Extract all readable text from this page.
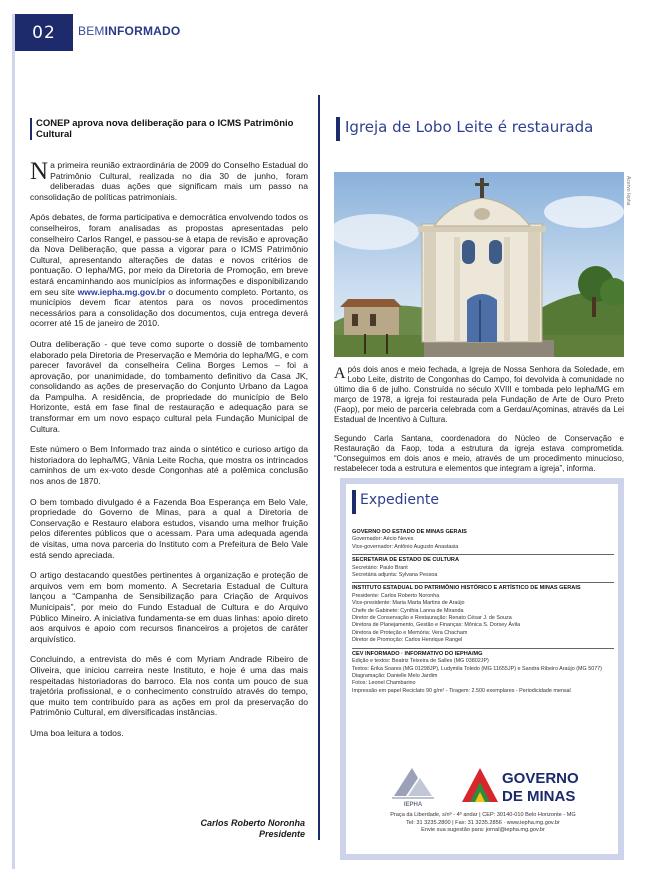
02	BEMINFORMADO
CONEP aprova nova deliberação para o ICMS Patrimônio Cultural

Na primeira reunião extraordinária de 2009 do Conselho Estadual do Patrimônio Cultural, realizada no dia 30 de junho, foram deliberadas duas ações que significam mais um passo na consolidação de políticas patrimoniais.

Após debates, de forma participativa e democrática envolvendo todos os conselheiros, foram analisadas as propostas apresentadas pelo conselheiro Carlos Rangel, e passou-se à etapa de revisão e aprovação da Nova Deliberação, que passa a vigorar para o ICMS Patrimônio Cultural, apresentando alterações de datas e novos critérios de pontuação. O Iepha/MG, por meio da Diretoria de Promoção, em breve estará encaminhando aos municípios as informações e disponibilizando em seu site www.iepha.mg.gov.br o documento completo. Portanto, os municípios devem ficar atentos para os novos procedimentos necessários para a consolidação dos documentos, cuja entrega deverá ocorrer até 15 de janeiro de 2010.

Outra deliberação - que teve como suporte o dossiê de tombamento elaborado pela Diretoria de Preservação e Memória do Iepha/MG, e com parecer favorável da conselheira Celina Borges Lemos – foi a aprovação, por unanimidade, do tombamento definitivo da Casa JK, consolidando as ações de preservação do Conjunto Urbano da Lagoa da Pampulha. A residência, de propriedade do município de Belo Horizonte, está em fase final de restauração e adequação para se transformar em um novo espaço cultural pela Fundação Municipal de Cultura.

Este número o Bem Informado traz ainda o sintético e curioso artigo da historiadora do Iepha/MG, Vânia Leite Rocha, que mostra os intrincados caminhos de um ex-voto desde Congonhas até a polêmica conclusão nos anos de 1870.

O bem tombado divulgado é a Fazenda Boa Esperança em Belo Vale, propriedade do Governo de Minas, para a qual a Diretoria de Conservação e Restauro elabora estudos, visando uma melhor fruição pelos diferentes públicos que o acessam. Para uma adequada agenda de visitas, uma nova parceria do Instituto com a Prefeitura de Belo Vale está sendo apreciada.

O artigo destacando questões pertinentes à organização e proteção de arquivos vem em bom momento. A Secretaria Estadual de Cultura lançou a “Campanha de Sensibilização para Criação de Arquivos Municipais”, por meio do Fundo Estadual de Cultura e do Arquivo Público Mineiro. A iniciativa fundamenta-se em duas linhas: apoio direto aos arquivos e apoio com recursos financeiros a projetos de caráter arquivístico.

Concluindo, a entrevista do mês é com Myriam Andrade Ribeiro de Oliveira, que iniciou carreira neste Instituto, e hoje é uma das mais respeitadas historiadoras do barroco. Ela nos conta um pouco de sua trajetória profissional, e o conhecimento construído através do tempo, que muito tem contribuído para as ações em prol da preservação do Patrimônio Cultural, em diversificadas instâncias.

Uma boa leitura a todos.

Carlos Roberto Noronha
Presidente
Igreja de Lobo Leite é restaurada
Acervo Iepha

Após dois anos e meio fechada, a Igreja de Nossa Senhora da Soledade, em Lobo Leite, distrito de Congonhas do Campo, foi devolvida à comunidade no último dia 6 de julho. Construída no século XVIII e tombada pelo Iepha/MG em março de 1978, a igreja foi restaurada pela Fundação de Arte de Ouro Preto (Faop), por meio de parceria celebrada com a Gerdau/Açominas, através da Lei Estadual de Incentivo à Cultura.

Segundo Carla Santana, coordenadora do Núcleo de Conservação e Restauração da Faop, toda a estrutura da igreja estava comprometida. “Conseguimos em dois anos e meio, através de um procedimento minucioso, restabelecer toda a estrutura e elementos que integram a igreja”, informa.

Expediente
GOVERNO DO ESTADO DE MINAS GERAIS
Governador: Aécio Neves
Vice-governador: Antônio Augusto Anastasia
SECRETARIA DE ESTADO DE CULTURA
Secretário: Paulo Brant
Secretária adjunta: Sylvana Pessoa
INSTITUTO ESTADUAL DO PATRIMÔNIO HISTÓRICO E ARTÍSTICO DE MINAS GERAIS
Presidente: Carlos Roberto Noronha
Vice-presidente: Maria Marta Martins de Araújo
Chefe de Gabinete: Cynthia Lanna de Miranda
Diretor de Conservação e Restauração: Renato César J. de Souza
Diretora de Planejamento, Gestão e Finanças: Mônica S. Dorsey Ávila
Diretora de Proteção e Memória: Vera Chacham
Diretor de Promoção: Carlos Henrique Rangel
CEV INFORMADO · INFORMATIVO DO IEPHA/MG
Edição e textos: Beatriz Teixeira de Salles (MG 03802JP)
Textos: Érika Soares (MG 01298JP), Ludymila Toledo (MG 11655JP) e Sandra Ribeiro Araújo (MG 5077)
Diagramação: Danielle Melo Jardim
Fotos: Leonel Chambarino
Impressão em papel Reciclato 90 g/m² - Tiragem: 2.500 exemplares - Periodicidade mensal
IEPHA
GOVERNO
DE MINAS
Praça da Liberdade, s/nº - 4º andar | CEP: 30140-010 Belo Horizonte - MG
Tel: 31 3235.2800 | Fax: 31 3235.2856 · www.iepha.mg.gov.br
Envie sua sugestão para: jornal@iepha.mg.gov.br
